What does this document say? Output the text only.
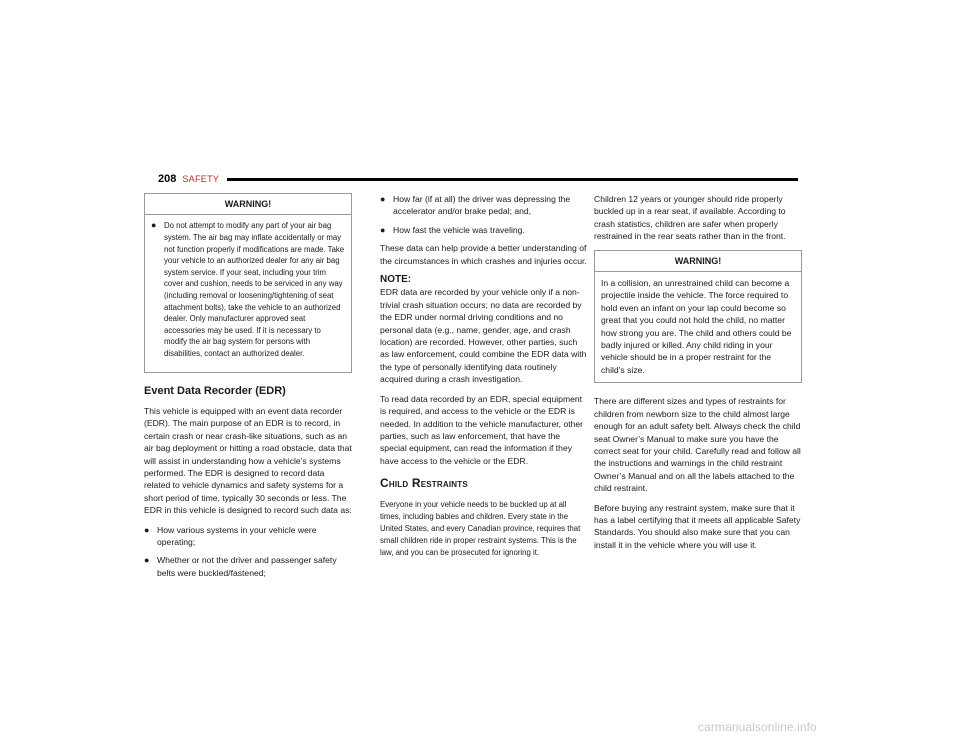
208 SAFETY
WARNING!
● Do not attempt to modify any part of your air bag system. The air bag may inflate accidentally or may not function properly if modifications are made. Take your vehicle to an authorized dealer for any air bag system service. If your seat, including your trim cover and cushion, needs to be serviced in any way (including removal or loosening/tightening of seat attachment bolts), take the vehicle to an authorized dealer. Only manufacturer approved seat accessories may be used. If it is necessary to modify the air bag system for persons with disabilities, contact an authorized dealer.
Event Data Recorder (EDR)

This vehicle is equipped with an event data recorder (EDR). The main purpose of an EDR is to record, in certain crash or near crash-like situations, such as an air bag deployment or hitting a road obstacle, data that will assist in understanding how a vehicle’s systems performed. The EDR is designed to record data related to vehicle dynamics and safety systems for a short period of time, typically 30 seconds or less. The EDR in this vehicle is designed to record such data as:

● How various systems in your vehicle were operating;
● Whether or not the driver and passenger safety belts were buckled/fastened;
● How far (if at all) the driver was depressing the accelerator and/or brake pedal; and,
● How fast the vehicle was traveling.

These data can help provide a better understanding of the circumstances in which crashes and injuries occur.

NOTE:

EDR data are recorded by your vehicle only if a non-trivial crash situation occurs; no data are recorded by the EDR under normal driving conditions and no personal data (e.g., name, gender, age, and crash location) are recorded. However, other parties, such as law enforcement, could combine the EDR data with the type of personally identifying data routinely acquired during a crash investigation.

To read data recorded by an EDR, special equipment is required, and access to the vehicle or the EDR is needed. In addition to the vehicle manufacturer, other parties, such as law enforcement, that have the special equipment, can read the information if they have access to the vehicle or the EDR.

Child Restraints

Everyone in your vehicle needs to be buckled up at all times, including babies and children. Every state in the United States, and every Canadian province, requires that small children ride in proper restraint systems. This is the law, and you can be prosecuted for ignoring it.

Children 12 years or younger should ride properly buckled up in a rear seat, if available. According to crash statistics, children are safer when properly restrained in the rear seats rather than in the front.

WARNING!
In a collision, an unrestrained child can become a projectile inside the vehicle. The force required to hold even an infant on your lap could become so great that you could not hold the child, no matter how strong you are. The child and others could be badly injured or killed. Any child riding in your vehicle should be in a proper restraint for the child’s size.

There are different sizes and types of restraints for children from newborn size to the child almost large enough for an adult safety belt. Always check the child seat Owner’s Manual to make sure you have the correct seat for your child. Carefully read and follow all the instructions and warnings in the child restraint Owner’s Manual and on all the labels attached to the child restraint.

Before buying any restraint system, make sure that it has a label certifying that it meets all applicable Safety Standards. You should also make sure that you can install it in the vehicle where you will use it.

carmanualsonline.info
